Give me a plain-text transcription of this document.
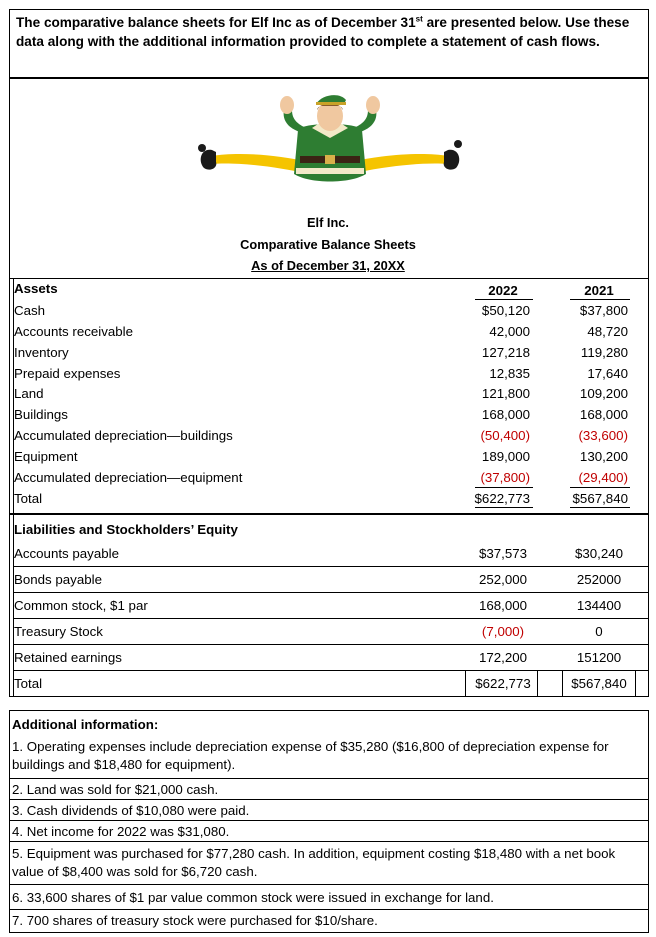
The comparative balance sheets for Elf Inc as of December 31st are presented below. Use these data along with the additional information provided to complete a statement of cash flows.
Elf Inc.
Comparative Balance Sheets
As of December 31, 20XX
Assets	2022	2021
Cash	$50,120	$37,800
Accounts receivable	42,000	48,720
Inventory	127,218	119,280
Prepaid expenses	12,835	17,640
Land	121,800	109,200
Buildings	168,000	168,000
Accumulated depreciation—buildings	(50,400)	(33,600)
Equipment	189,000	130,200
Accumulated depreciation—equipment	(37,800)	(29,400)
Total	$622,773	$567,840
Liabilities and Stockholders’ Equity
Accounts payable	$37,573	$30,240
Bonds payable	252,000	252000
Common stock, $1 par	168,000	134400
Treasury Stock	(7,000)	0
Retained earnings	172,200	151200
Total	$622,773	$567,840
Additional information:
1. Operating expenses include depreciation expense of $35,280 ($16,800 of depreciation expense for buildings and $18,480 for equipment).
2. Land was sold for $21,000 cash.
3. Cash dividends of $10,080 were paid.
4. Net income for 2022 was $31,080.
5. Equipment was purchased for $77,280 cash. In addition, equipment costing $18,480 with a net book value of $8,400 was sold for $6,720 cash.
6. 33,600 shares of $1 par value common stock were issued in exchange for land.
7. 700 shares of treasury stock were purchased for $10/share.
